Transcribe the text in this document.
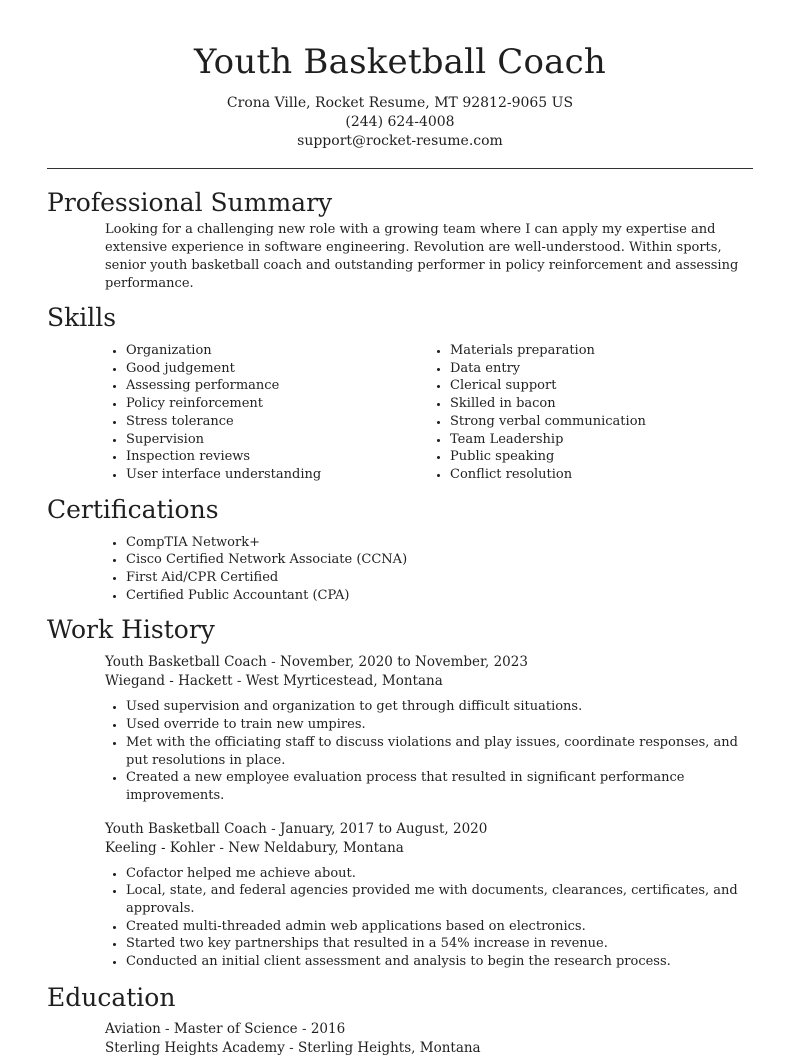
Youth Basketball Coach
Crona Ville, Rocket Resume, MT 92812-9065 US
(244) 624-4008
support@rocket-resume.com
Professional Summary

Looking for a challenging new role with a growing team where I can apply my expertise and extensive experience in software engineering. Revolution are well-understood. Within sports, senior youth basketball coach and outstanding performer in policy reinforcement and assessing performance.

Skills
• Organization
• Good judgement
• Assessing performance
• Policy reinforcement
• Stress tolerance
• Supervision
• Inspection reviews
• User interface understanding
• Materials preparation
• Data entry
• Clerical support
• Skilled in bacon
• Strong verbal communication
• Team Leadership
• Public speaking
• Conflict resolution
Certifications
• CompTIA Network+
• Cisco Certified Network Associate (CCNA)
• First Aid/CPR Certified
• Certified Public Accountant (CPA)
Work History

Youth Basketball Coach - November, 2020 to November, 2023

Wiegand - Hackett - West Myrticestead, Montana

• Used supervision and organization to get through difficult situations.
• Used override to train new umpires.
• Met with the officiating staff to discuss violations and play issues, coordinate responses, and put resolutions in place.
• Created a new employee evaluation process that resulted in significant performance improvements.

Youth Basketball Coach - January, 2017 to August, 2020

Keeling - Kohler - New Neldabury, Montana

• Cofactor helped me achieve about.
• Local, state, and federal agencies provided me with documents, clearances, certificates, and approvals.
• Created multi-threaded admin web applications based on electronics.
• Started two key partnerships that resulted in a 54% increase in revenue.
• Conducted an initial client assessment and analysis to begin the research process.
Education

Aviation - Master of Science - 2016

Sterling Heights Academy - Sterling Heights, Montana
